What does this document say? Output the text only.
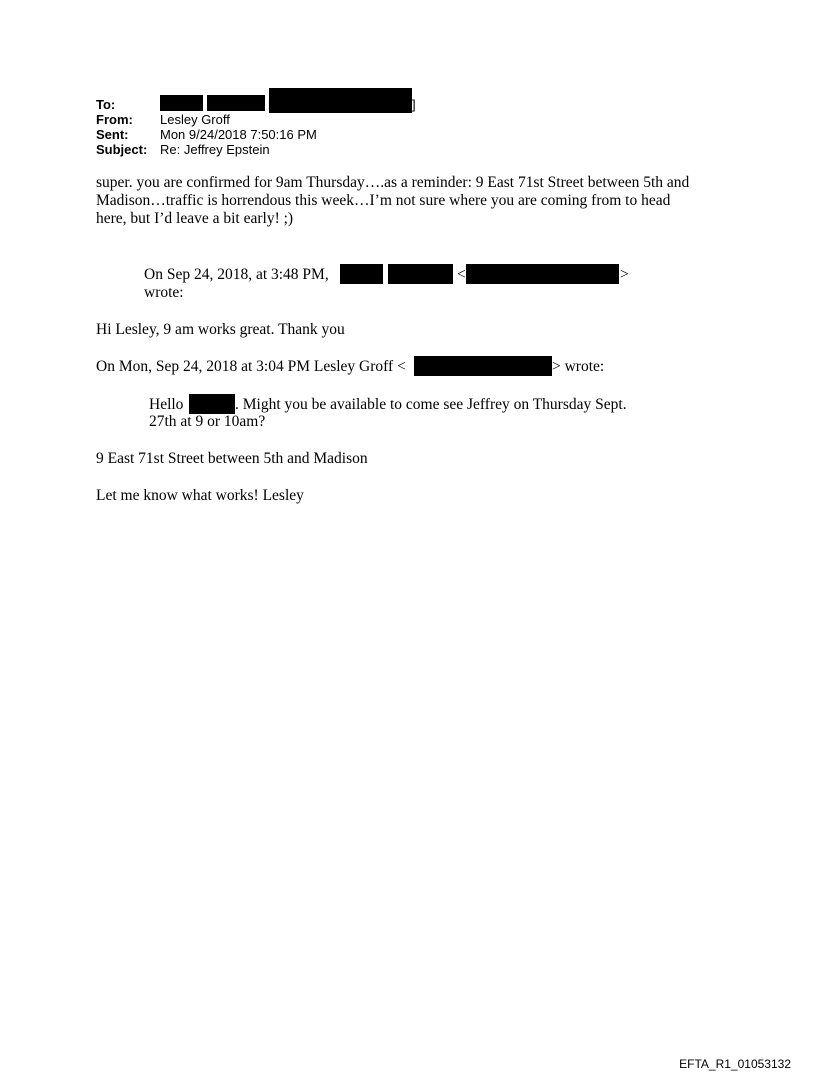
To:	]
From: Lesley Groff
Sent: Mon 9/24/2018 7:50:16 PM
Subject: Re: Jeffrey Epstein
super. you are confirmed for 9am Thursday….as a reminder: 9 East 71st Street between 5th and
Madison…traffic is horrendous this week…I’m not sure where you are coming from to head
here, but I’d leave a bit early! ;)
On Sep 24, 2018, at 3:48 PM,	<	>
wrote:
Hi Lesley, 9 am works great. Thank you
On Mon, Sep 24, 2018 at 3:04 PM Lesley Groff <	> wrote:
Hello	. Might you be available to come see Jeffrey on Thursday Sept.
27th at 9 or 10am?
9 East 71st Street between 5th and Madison
Let me know what works! Lesley
EFTA_R1_01053132
